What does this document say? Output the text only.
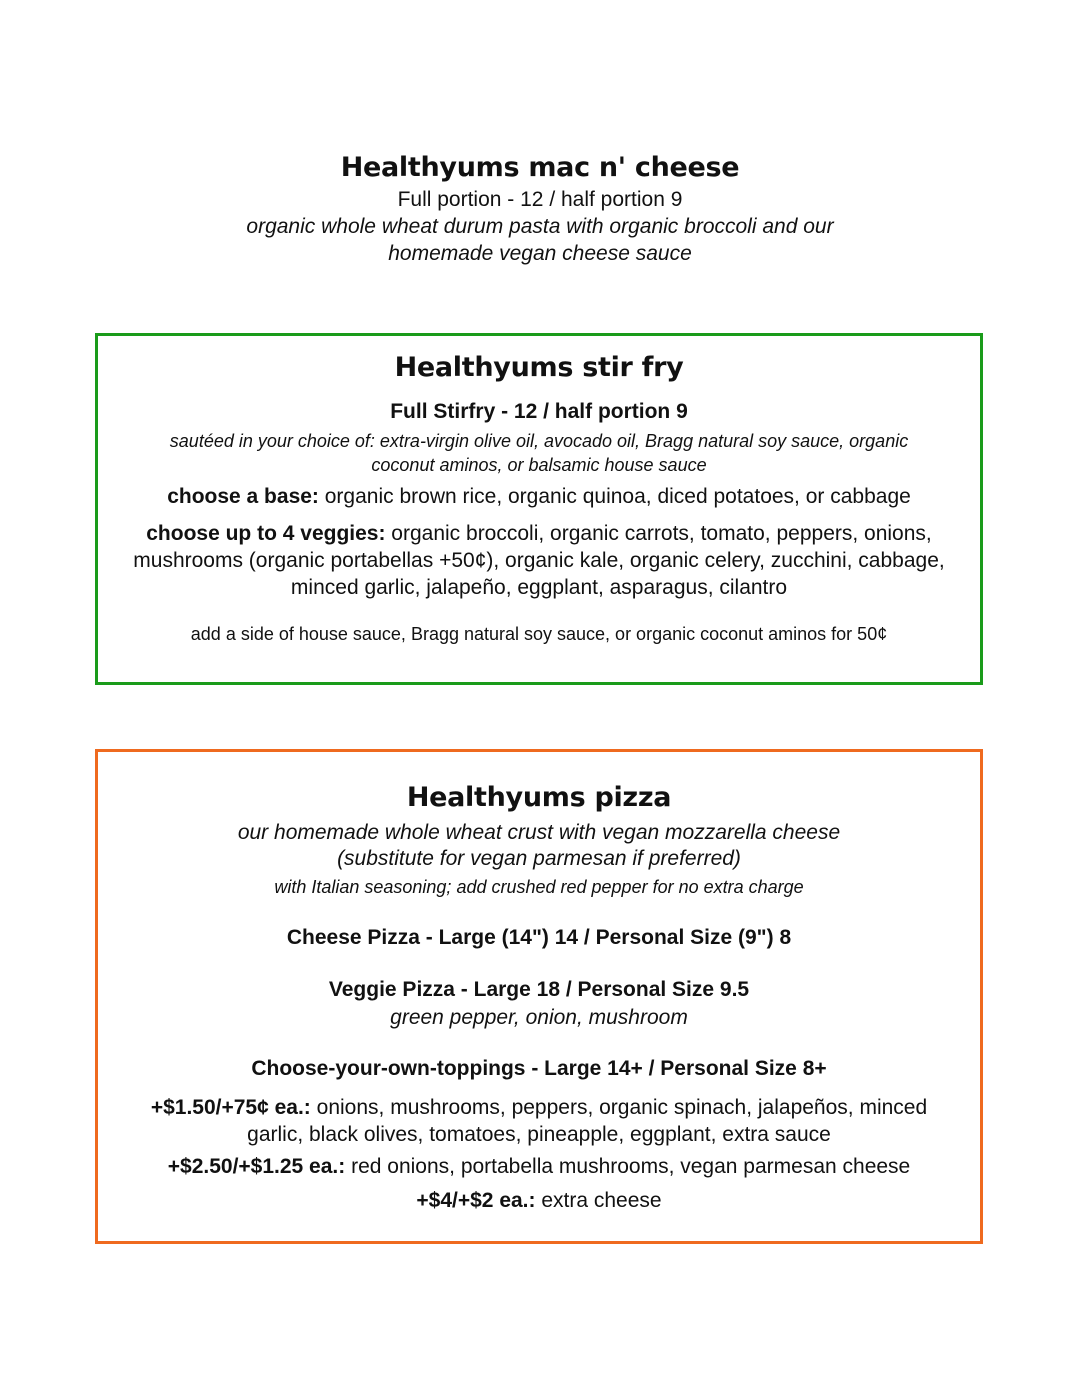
Healthyums mac n' cheese
Full portion - 12 / half portion 9
organic whole wheat durum pasta with organic broccoli and our homemade vegan cheese sauce
Healthyums stir fry
Full Stirfry - 12 / half portion 9
sautéed in your choice of: extra-virgin olive oil, avocado oil, Bragg natural soy sauce, organic coconut aminos, or balsamic house sauce
choose a base: organic brown rice, organic quinoa, diced potatoes, or cabbage
choose up to 4 veggies: organic broccoli, organic carrots, tomato, peppers, onions, mushrooms (organic portabellas +50¢), organic kale, organic celery, zucchini, cabbage, minced garlic, jalapeño, eggplant, asparagus, cilantro
add a side of house sauce, Bragg natural soy sauce, or organic coconut aminos for 50¢
Healthyums pizza
our homemade whole wheat crust with vegan mozzarella cheese
(substitute for vegan parmesan if preferred)
with Italian seasoning; add crushed red pepper for no extra charge
Cheese Pizza - Large (14") 14 / Personal Size (9") 8
Veggie Pizza - Large 18 / Personal Size 9.5
green pepper, onion, mushroom
Choose-your-own-toppings - Large 14+ / Personal Size 8+
+$1.50/+75¢ ea.: onions, mushrooms, peppers, organic spinach, jalapeños, minced garlic, black olives, tomatoes, pineapple, eggplant, extra sauce
+$2.50/+$1.25 ea.: red onions, portabella mushrooms, vegan parmesan cheese
+$4/+$2 ea.: extra cheese
